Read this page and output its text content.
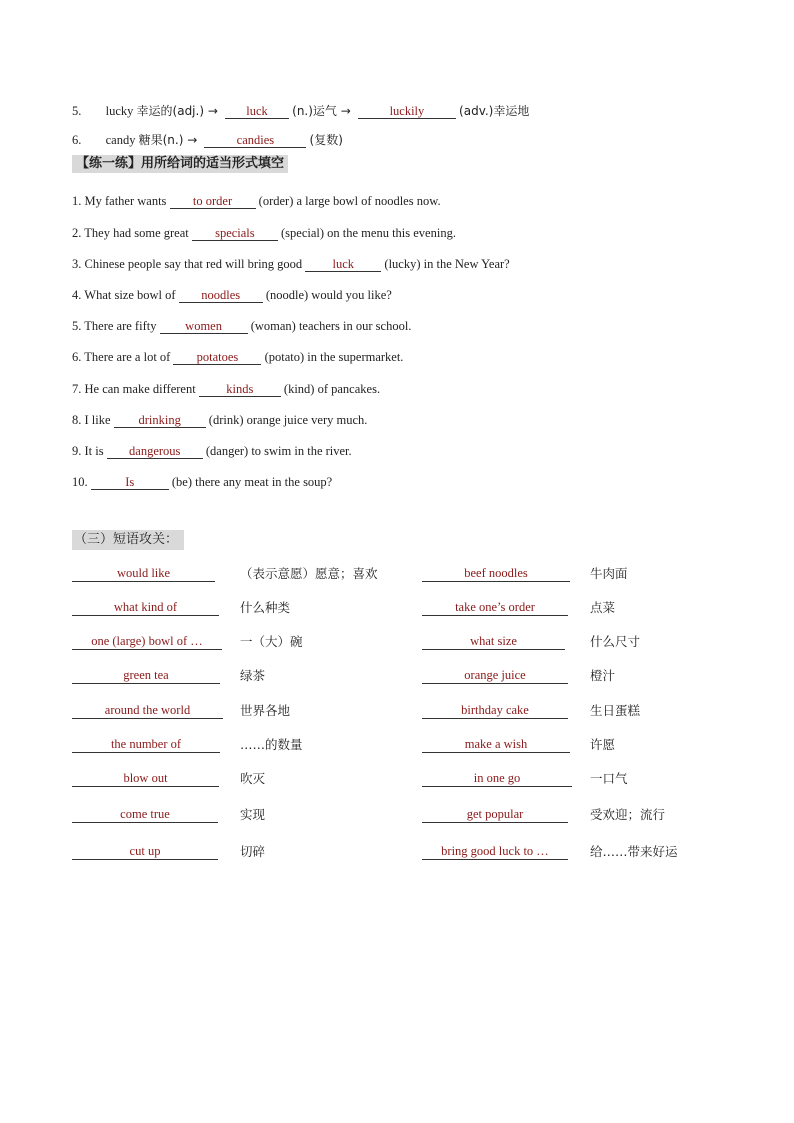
5. lucky 幸运的(adj.) → luck (n.)运气 →	luckily	(adv.)幸运地
6. candy 糖果(n.) →	candies	(复数)
【练一练】用所给词的适当形式填空
1. My father wants to order (order) a large bowl of noodles now.
2. They had some great specials (special) on the menu this evening.
3. Chinese people say that red will bring good luck (lucky) in the New Year?
4. What size bowl of noodles (noodle) would you like?
5. There are fifty women (woman) teachers in our school.
6. There are a lot of potatoes (potato) in the supermarket.
7. He can make different kinds (kind) of pancakes.
8. I like drinking (drink) orange juice very much.
9. It is dangerous (danger) to swim in the river.
10.	Is	(be) there any meat in the soup?
（三）短语攻关：
would like	（表示意愿）愿意；喜欢	beef noodles	牛肉面
what kind of	什么种类	take one’s order	点菜
one (large) bowl of …	一（大）碗	what size	什么尺寸
green tea	绿茶	orange juice	橙汁
around the world	世界各地	birthday cake	生日蛋糕
the number of	……的数量	make a wish	许愿
blow out	吹灭	in one go	一口气
come true	实现	get popular	受欢迎；流行
cut up	切碎	bring good luck to …	给……带来好运
